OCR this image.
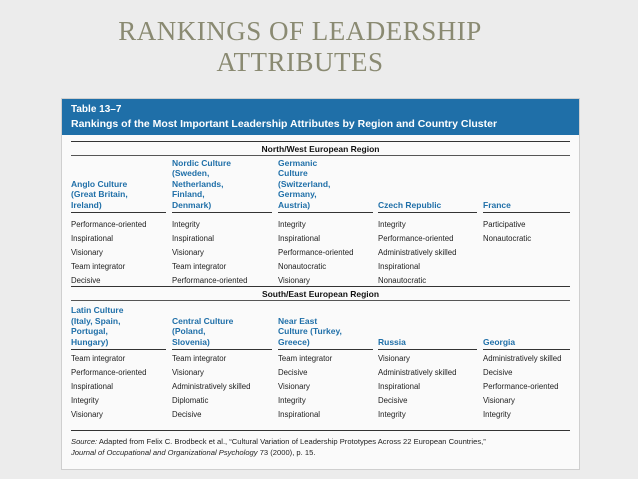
RANKINGS OF LEADERSHIP
ATTRIBUTES
Table 13–7
Rankings of the Most Important Leadership Attributes by Region and Country Cluster
North/West European Region
Anglo Culture
(Great Britain,
Ireland)
Performance-oriented
Inspirational
Visionary
Team integrator
Decisive
Nordic Culture
(Sweden,
Netherlands,
Finland,
Denmark)
Integrity
Inspirational
Visionary
Team integrator
Performance-oriented
Germanic
Culture
(Switzerland,
Germany,
Austria)
Integrity
Inspirational
Performance-oriented
Nonautocratic
Visionary
Czech Republic
Integrity
Performance-oriented
Administratively skilled
Inspirational
Nonautocratic
France
Participative
Nonautocratic
South/East European Region
Latin Culture
(Italy, Spain,
Portugal,
Hungary)
Team integrator
Performance-oriented
Inspirational
Integrity
Visionary
Central Culture
(Poland,
Slovenia)
Team integrator
Visionary
Administratively skilled
Diplomatic
Decisive
Near East
Culture (Turkey,
Greece)
Team integrator
Decisive
Visionary
Integrity
Inspirational
Russia
Visionary
Administratively skilled
Inspirational
Decisive
Integrity
Georgia
Administratively skilled
Decisive
Performance-oriented
Visionary
Integrity
Source: Adapted from Felix C. Brodbeck et al., “Cultural Variation of Leadership Prototypes Across 22 European Countries,”
Journal of Occupational and Organizational Psychology 73 (2000), p. 15.
